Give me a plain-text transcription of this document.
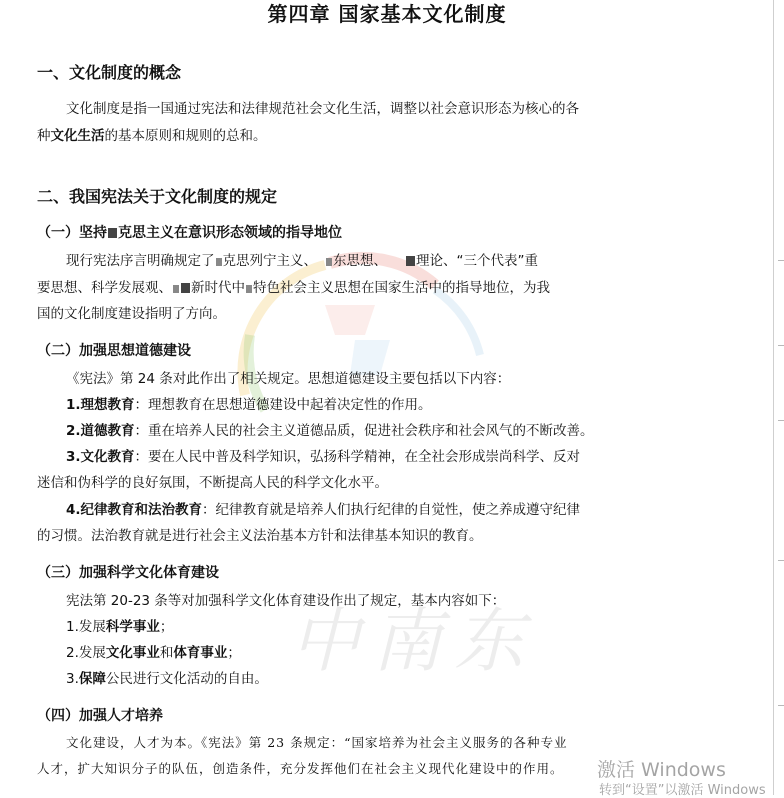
中南东
第四章 国家基本文化制度
一、文化制度的概念
文化制度是指一国通过宪法和法律规范社会文化生活，调整以社会意识形态为核心的各
种文化生活的基本原则和规则的总和。
二、我国宪法关于文化制度的规定
（一）坚持 克思主义在意识形态领域的指导地位
现行宪法序言明确规定了 克思列宁主义、 东思想、 理论、“三个代表”重
要思想、科学发展观、 新时代中 特色社会主义思想在国家生活中的指导地位，为我
国的文化制度建设指明了方向。
（二）加强思想道德建设
《宪法》第 24 条对此作出了相关规定。思想道德建设主要包括以下内容：
1.理想教育：理想教育在思想道德建设中起着决定性的作用。
2.道德教育：重在培养人民的社会主义道德品质，促进社会秩序和社会风气的不断改善。
3.文化教育：要在人民中普及科学知识，弘扬科学精神，在全社会形成崇尚科学、反对
迷信和伪科学的良好氛围，不断提高人民的科学文化水平。
4.纪律教育和法治教育：纪律教育就是培养人们执行纪律的自觉性，使之养成遵守纪律
的习惯。法治教育就是进行社会主义法治基本方针和法律基本知识的教育。
（三）加强科学文化体育建设
宪法第 20-23 条等对加强科学文化体育建设作出了规定，基本内容如下：
1.发展科学事业；
2.发展文化事业和体育事业；
3.保障公民进行文化活动的自由。
（四）加强人才培养
文化建设，人才为本。《宪法》第 23 条规定：“国家培养为社会主义服务的各种专业
人才，扩大知识分子的队伍，创造条件，充分发挥他们在社会主义现代化建设中的作用。 激活 Windows
转到“设置”以激活 Windows
